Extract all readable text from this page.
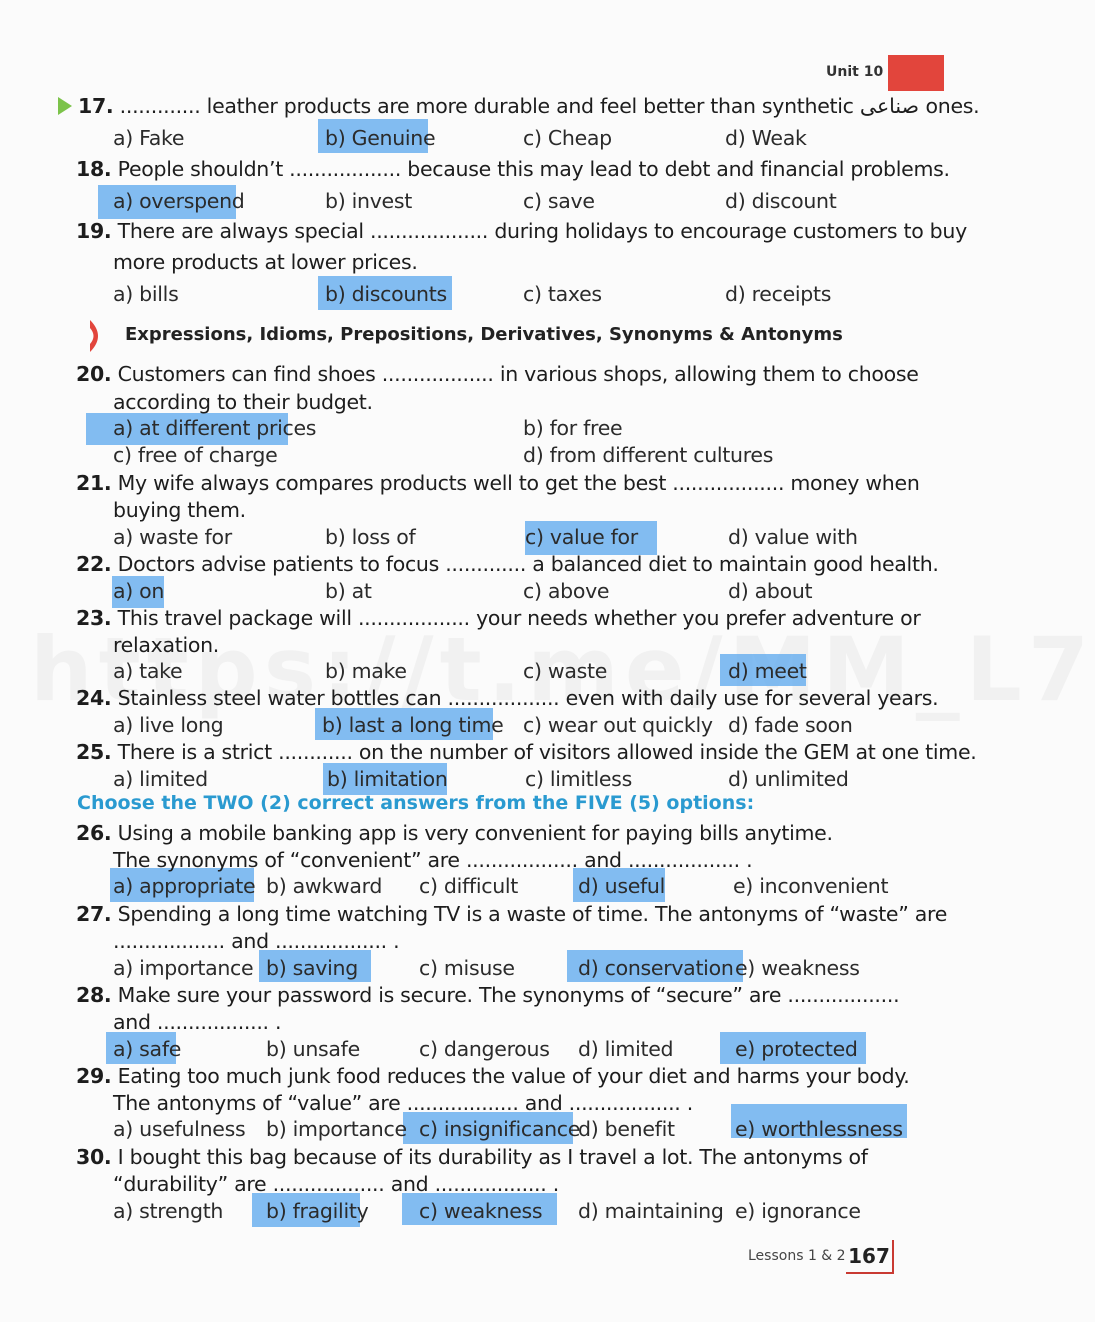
Unit 10
17. ............. leather products are more durable and feel better than synthetic صناعى ones.
a) Fake	b) Genuine	c) Cheap	d) Weak
18. People shouldn’t .................. because this may lead to debt and financial problems.
a) overspend	b) invest	c) save	d) discount
19. There are always special ................... during holidays to encourage customers to buy
more products at lower prices.
a) bills	b) discounts	c) taxes	d) receipts
Expressions, Idioms, Prepositions, Derivatives, Synonyms & Antonyms
20. Customers can find shoes .................. in various shops, allowing them to choose
according to their budget.
a) at different prices	b) for free
c) free of charge	d) from different cultures
21. My wife always compares products well to get the best .................. money when
buying them.
a) waste for	b) loss of	c) value for	d) value with
22. Doctors advise patients to focus ............. a balanced diet to maintain good health.
a) on	b) at	c) above	d) about
23. This travel package will .................. your needs whether you prefer adventure or
relaxation.
a) take	b) make	c) waste	d) meet
24. Stainless steel water bottles can .................. even with daily use for several years.
a) live long	b) last a long time c) wear out quickly d) fade soon
25. There is a strict ............ on the number of visitors allowed inside the GEM at one time.
a) limited	b) limitation	c) limitless	d) unlimited
Choose the TWO (2) correct answers from the FIVE (5) options:
26. Using a mobile banking app is very convenient for paying bills anytime.
The synonyms of “convenient” are .................. and .................. .
a) appropriate b) awkward c) difficult	d) useful	e) inconvenient
27. Spending a long time watching TV is a waste of time. The antonyms of “waste” are
.................. and .................. .
a) importance b) saving	c) misuse	d) conservation e) weakness
28. Make sure your password is secure. The synonyms of “secure” are ..................
and .................. .
a) safe	b) unsafe	c) dangerous d) limited	e) protected
29. Eating too much junk food reduces the value of your diet and harms your body.
The antonyms of “value” are .................. and .................. .
a) usefulness b) importance c) insignificance
d) benefit	e) worthlessness
30. I bought this bag because of its durability as I travel a lot. The antonyms of
“durability” are .................. and .................. .
a) strength b) fragility c) weakness d) maintaining e) ignorance
Lessons 1 & 2 167
